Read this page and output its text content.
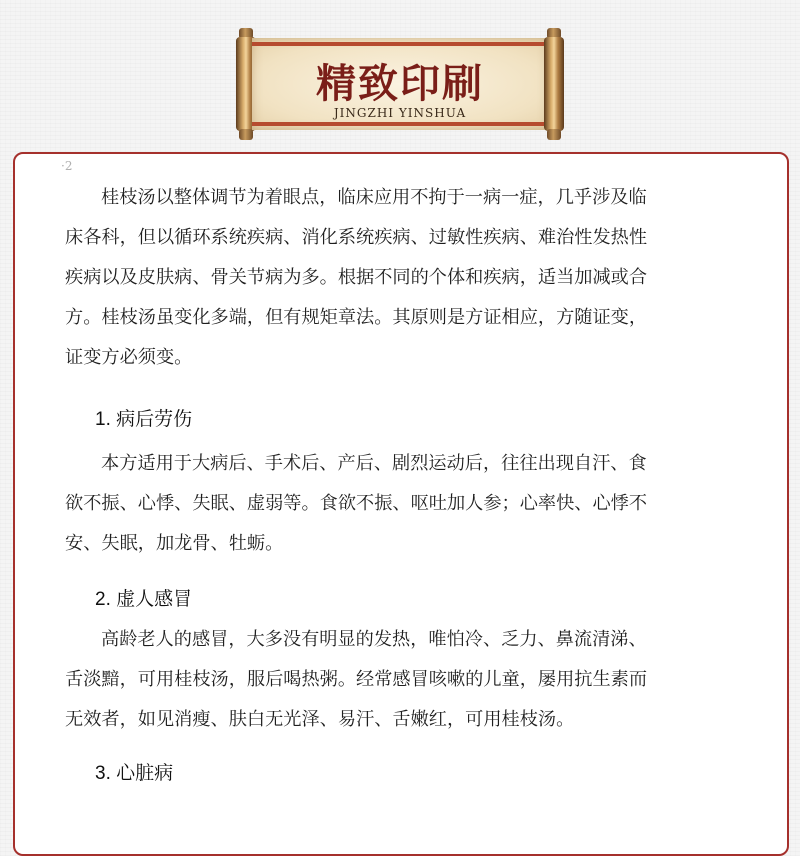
精致印刷
JINGZHI YINSHUA
·2
桂枝汤以整体调节为着眼点，临床应用不拘于一病一症，几乎涉及临
床各科，但以循环系统疾病、消化系统疾病、过敏性疾病、难治性发热性
疾病以及皮肤病、骨关节病为多。根据不同的个体和疾病，适当加减或合
方。桂枝汤虽变化多端，但有规矩章法。其原则是方证相应，方随证变，
证变方必须变。
1. 病后劳伤
本方适用于大病后、手术后、产后、剧烈运动后，往往出现自汗、食
欲不振、心悸、失眠、虚弱等。食欲不振、呕吐加人参；心率快、心悸不
安、失眠，加龙骨、牡蛎。
2. 虚人感冒
高龄老人的感冒，大多没有明显的发热，唯怕冷、乏力、鼻流清涕、
舌淡黯，可用桂枝汤，服后喝热粥。经常感冒咳嗽的儿童，屡用抗生素而
无效者，如见消瘦、肤白无光泽、易汗、舌嫩红，可用桂枝汤。
3. 心脏病
